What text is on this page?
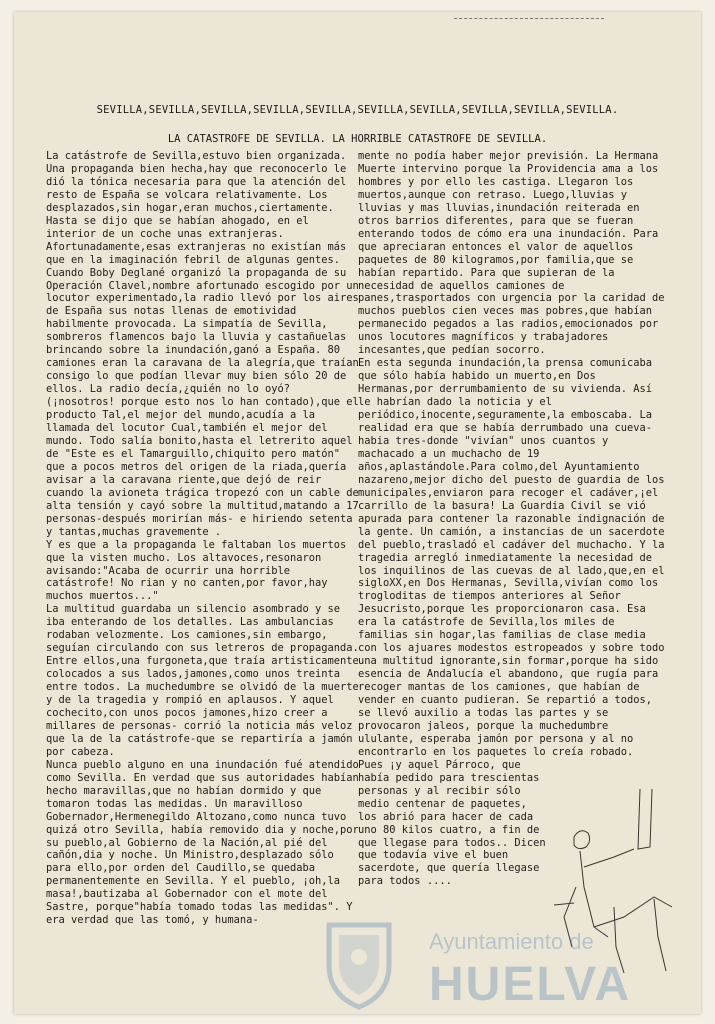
SEVILLA,SEVILLA,SEVILLA,SEVILLA,SEVILLA,SEVILLA,SEVILLA,SEVILLA,SEVILLA,SEVILLA.
LA CATASTROFE DE SEVILLA. LA HORRIBLE CATASTROFE DE SEVILLA.

La catástrofe de Sevilla,estuvo bien organizada. Una propaganda bien hecha,hay que reconocerlo le dió la tónica necesaria para que la atención del resto de España se volcara relativamente. Los desplazados,sin hogar,eran muchos,ciertamente. Hasta se dijo que se habían ahogado, en el interior de un coche unas extranjeras. Afortunadamente,esas extranjeras no existían más que en la imaginación febril de algunas gentes. Cuando Boby Deglané organizó la propaganda de su Operación Clavel,nombre afortunado escogido por un locutor experimentado,la radio llevó por los aires de España sus notas llenas de emotividad habilmente provocada. La simpatía de Sevilla, sombreros flamencos bajo la lluvia y castañuelas brincando sobre la inundación,ganó a España. 80 camiones eran la caravana de la alegría,que traían consigo lo que podían llevar muy bien sólo 20 de ellos. La radio decía,¿quién no lo oyó? (¡nosotros! porque esto nos lo han contado),que el producto Tal,el mejor del mundo,acudía a la llamada del locutor Cual,también el mejor del mundo. Todo salía bonito,hasta el letrerito aquel de "Este es el Tamarguillo,chiquito pero matón" que a pocos metros del origen de la riada,quería avisar a la caravana riente,que dejó de reir cuando la avioneta trágica tropezó con un cable de alta tensión y cayó sobre la multitud,matando a 17 personas-después morirían más- e hiriendo setenta y tantas,muchas gravemente .

Y es que a la propaganda le faltaban los muertos que la visten mucho. Los altavoces,resonaron avisando:"Acaba de ocurrir una horrible catástrofe! No rian y no canten,por favor,hay muchos muertos..."

La multitud guardaba un silencio asombrado y se iba enterando de los detalles. Las ambulancias rodaban velozmente. Los camiones,sin embargo, seguían circulando con sus letreros de propaganda. Entre ellos,una furgoneta,que traía artisticamente colocados a sus lados,jamones,como unos treinta entre todos. La muchedumbre se olvidó de la muerte y de la tragedia y rompió en aplausos. Y aquel cochecito,con unos pocos jamones,hizo creer a millares de personas- corrió la noticia más veloz que la de la catástrofe-que se repartiría a jamón por cabeza.

Nunca pueblo alguno en una inundación fué atendido como Sevilla. En verdad que sus autoridades habían hecho maravillas,que no habían dormido y que tomaron todas las medidas. Un maravilloso Gobernador,Hermenegildo Altozano,como nunca tuvo quizá otro Sevilla, había removido dia y noche,por su pueblo,al Gobierno de la Nación,al pié del cañón,dia y noche. Un Ministro,desplazado sólo para ello,por orden del Caudillo,se quedaba permanentemente en Sevilla. Y el pueblo, ¡oh,la masa!,bautizaba al Gobernador con el mote del Sastre, porque"había tomado todas las medidas". Y era verdad que las tomó, y humana-

mente no podía haber mejor previsión. La Hermana Muerte intervino porque la Providencia ama a los hombres y por ello les castiga. Llegaron los muertos,aunque con retraso. Luego,lluvias y lluvias y mas lluvias,inundación reiterada en otros barrios diferentes, para que se fueran enterando todos de cómo era una inundación. Para que apreciaran entonces el valor de aquellos paquetes de 80 kilogramos,por familia,que se habían repartido. Para que supieran de la necesidad de aquellos camiones de panes,trasportados con urgencia por la caridad de muchos pueblos cien veces mas pobres,que habían permanecido pegados a las radios,emocionados por unos locutores magníficos y trabajadores incesantes,que pedían socorro.

En esta segunda inundación,la prensa comunicaba que sólo había habido un muerto,en Dos Hermanas,por derrumbamiento de su vivienda. Así le habrían dado la noticia y el periódico,inocente,seguramente,la emboscaba. La realidad era que se había derrumbado una cueva-habia tres-donde "vivían" unos cuantos y machacado a un muchacho de 19 años,aplastándole.Para colmo,del Ayuntamiento nazareno,mejor dicho del puesto de guardia de los municipales,enviaron para recoger el cadáver,¡el carrillo de la basura! La Guardia Civil se vió apurada para contener la razonable indignación de la gente. Un camión, a instancias de un sacerdote del pueblo,trasladó el cadáver del muchacho. Y la tragedia arregló inmediatamente la necesidad de los inquilinos de las cuevas de al lado,que,en el sigloXX,en Dos Hermanas, Sevilla,vivían como los trogloditas de tiempos anteriores al Señor Jesucristo,porque les proporcionaron casa. Esa era la catástrofe de Sevilla,los miles de familias sin hogar,las familias de clase media con los ajuares modestos estropeados y sobre todo una multitud ignorante,sin formar,porque ha sido esencia de Andalucía el abandono, que rugía para recoger mantas de los camiones, que habían de vender en cuanto pudieran. Se repartió a todos, se llevó auxilio a todas las partes y se provocaron jaleos, porque la muchedumbre ululante, esperaba jamón por persona y al no encontrarlo en los paquetes lo creía robado.

Pues ¡y aquel Párroco, que había pedido para trescientas personas y al recibir sólo medio centenar de paquetes, los abrió para hacer de cada uno 80 kilos cuatro, a fin de que llegase para todos.. Dicen que todavía vive el buen sacerdote, que quería llegase para todos ....

Ayuntamiento de
HUELVA
